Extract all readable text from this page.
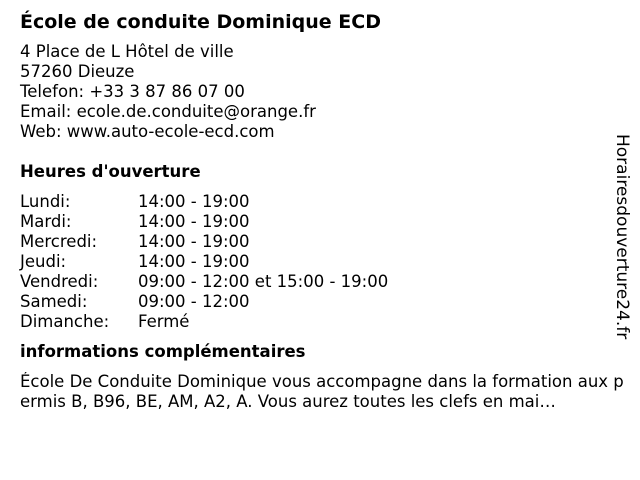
École de conduite Dominique ECD
4 Place de L Hôtel de ville
57260 Dieuze
Telefon: +33 3 87 86 07 00
Email: ecole.de.conduite@orange.fr
Web: www.auto-ecole-ecd.com
Heures d'ouverture
Lundi:	14:00 - 19:00
Mardi:	14:00 - 19:00
Mercredi:	14:00 - 19:00
Jeudi:	14:00 - 19:00
Vendredi:	09:00 - 12:00 et 15:00 - 19:00
Samedi:	09:00 - 12:00
Dimanche:	Fermé
informations complémentaires
École De Conduite Dominique vous accompagne dans la formation aux permis B, B96, BE, AM, A2, A. Vous aurez toutes les clefs en mai…
Horairesdouverture24.fr
